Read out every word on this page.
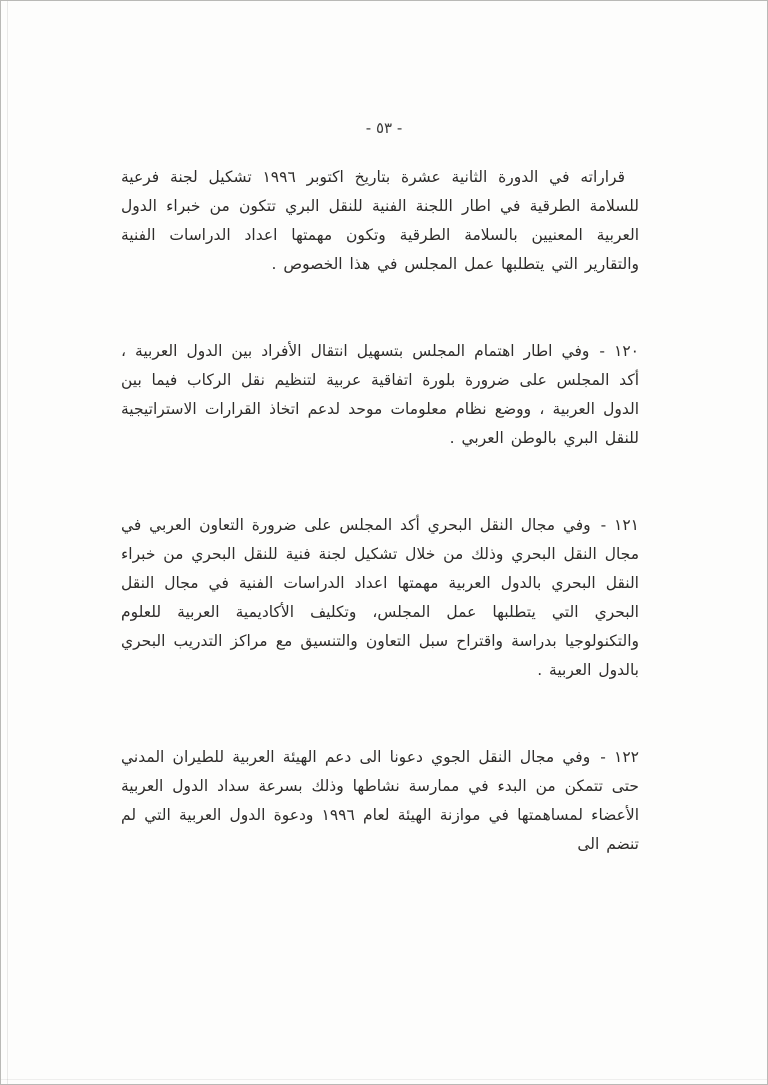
- ٥٣ -

قراراته في الدورة الثانية عشرة بتاريخ اكتوبر ١٩٩٦ تشكيل لجنة فرعية للسلامة الطرقية في اطار اللجنة الفنية للنقل البري تتكون من خبراء الدول العربية المعنيين بالسلامة الطرقية وتكون مهمتها اعداد الدراسات الفنية والتقارير التي يتطلبها عمل المجلس في هذا الخصوص .

١٢٠ -وفي اطار اهتمام المجلس بتسهيل انتقال الأفراد بين الدول العربية ، أكد المجلس على ضرورة بلورة اتفاقية عربية لتنظيم نقل الركاب فيما بين الدول العربية ، ووضع نظام معلومات موحد لدعم اتخاذ القرارات الاستراتيجية للنقل البري بالوطن العربي .

١٢١ -وفي مجال النقل البحري أكد المجلس على ضرورة التعاون العربي في مجال النقل البحري وذلك من خلال تشكيل لجنة فنية للنقل البحري من خبراء النقل البحري بالدول العربية مهمتها اعداد الدراسات الفنية في مجال النقل البحري التي يتطلبها عمل المجلس، وتكليف الأكاديمية العربية للعلوم والتكنولوجيا بدراسة واقتراح سبل التعاون والتنسيق مع مراكز التدريب البحري بالدول العربية .

١٢٢ -وفي مجال النقل الجوي دعونا الى دعم الهيئة العربية للطيران المدني حتى تتمكن من البدء في ممارسة نشاطها وذلك بسرعة سداد الدول العربية الأعضاء لمساهمتها في موازنة الهيئة لعام ١٩٩٦ ودعوة الدول العربية التي لم تنضم الى
